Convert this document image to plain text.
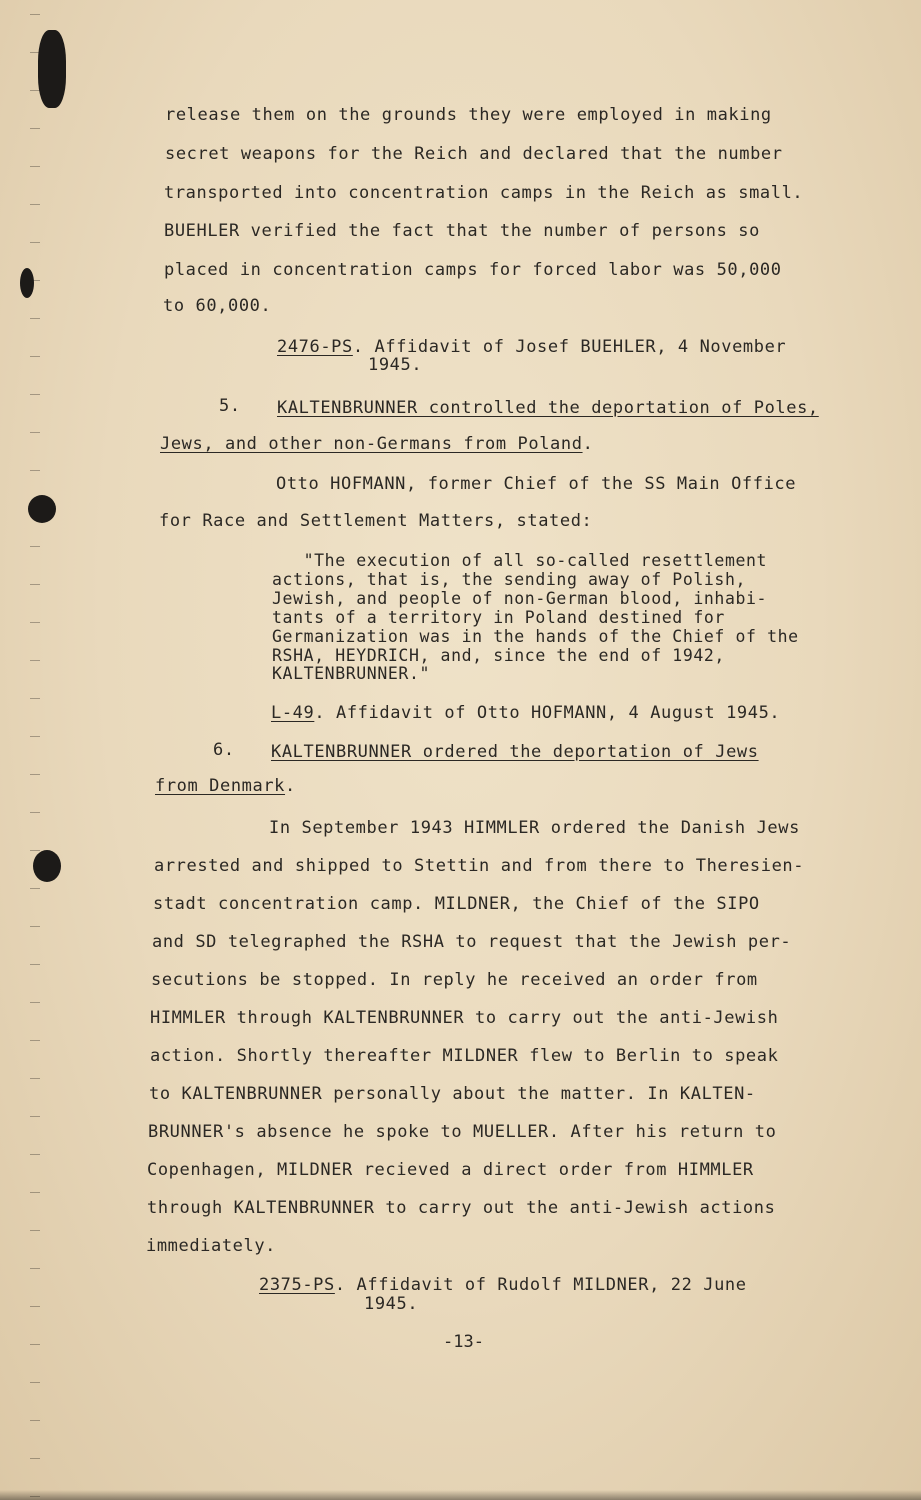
release them on the grounds they were employed in making
secret weapons for the Reich and declared that the number
transported into concentration camps in the Reich as small.
BUEHLER verified the fact that the number of persons so
placed in concentration camps for forced labor was 50,000
to 60,000.
2476-PS. Affidavit of Josef BUEHLER, 4 November
1945.
5. KALTENBRUNNER controlled the deportation of Poles,
Jews, and other non-Germans from Poland.
Otto HOFMANN, former Chief of the SS Main Office
for Race and Settlement Matters, stated:
"The execution of all so-called resettlement
actions, that is, the sending away of Polish,
Jewish, and people of non-German blood, inhabi-
tants of a territory in Poland destined for
Germanization was in the hands of the Chief of the
RSHA, HEYDRICH, and, since the end of 1942,
KALTENBRUNNER."
L-49. Affidavit of Otto HOFMANN, 4 August 1945.
6. KALTENBRUNNER ordered the deportation of Jews
from Denmark.
In September 1943 HIMMLER ordered the Danish Jews
arrested and shipped to Stettin and from there to Theresien-
stadt concentration camp. MILDNER, the Chief of the SIPO
and SD telegraphed the RSHA to request that the Jewish per-
secutions be stopped. In reply he received an order from
HIMMLER through KALTENBRUNNER to carry out the anti-Jewish
action. Shortly thereafter MILDNER flew to Berlin to speak
to KALTENBRUNNER personally about the matter. In KALTEN-
BRUNNER's absence he spoke to MUELLER. After his return to
Copenhagen, MILDNER recieved a direct order from HIMMLER
through KALTENBRUNNER to carry out the anti-Jewish actions
immediately.
2375-PS. Affidavit of Rudolf MILDNER, 22 June
1945.
-13-
